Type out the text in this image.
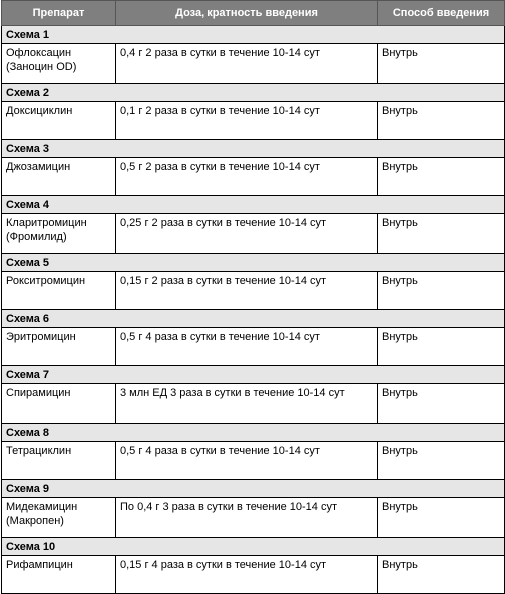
Препарат	Доза, кратность введения	Способ введения
Схема 1		
Офлоксацин (Заноцин OD)	0,4 г 2 раза в сутки в течение 10-14 сут	Внутрь
Схема 2		
Доксициклин	0,1 г 2 раза в сутки в течение 10-14 сут	Внутрь
Схема 3		
Джозамицин	0,5 г 2 раза в сутки в течение 10-14 сут	Внутрь
Схема 4		
Кларитромицин (Фромилид)	0,25 г 2 раза в сутки в течение 10-14 сут	Внутрь
Схема 5		
Рокситромицин	0,15 г 2 раза в сутки в течение 10-14 сут	Внутрь
Схема 6		
Эритромицин	0,5 г 4 раза в сутки в течение 10-14 сут	Внутрь
Схема 7		
Спирамицин	3 млн ЕД 3 раза в сутки в течение 10-14 сут	Внутрь
Схема 8		
Тетрациклин	0,5 г 4 раза в сутки в течение 10-14 сут	Внутрь
Схема 9		
Мидекамицин (Макропен)	По 0,4 г 3 раза в сутки в течение 10-14 сут	Внутрь
Схема 10		
Рифампицин	0,15 г 4 раза в сутки в течение 10-14 сут	Внутрь
